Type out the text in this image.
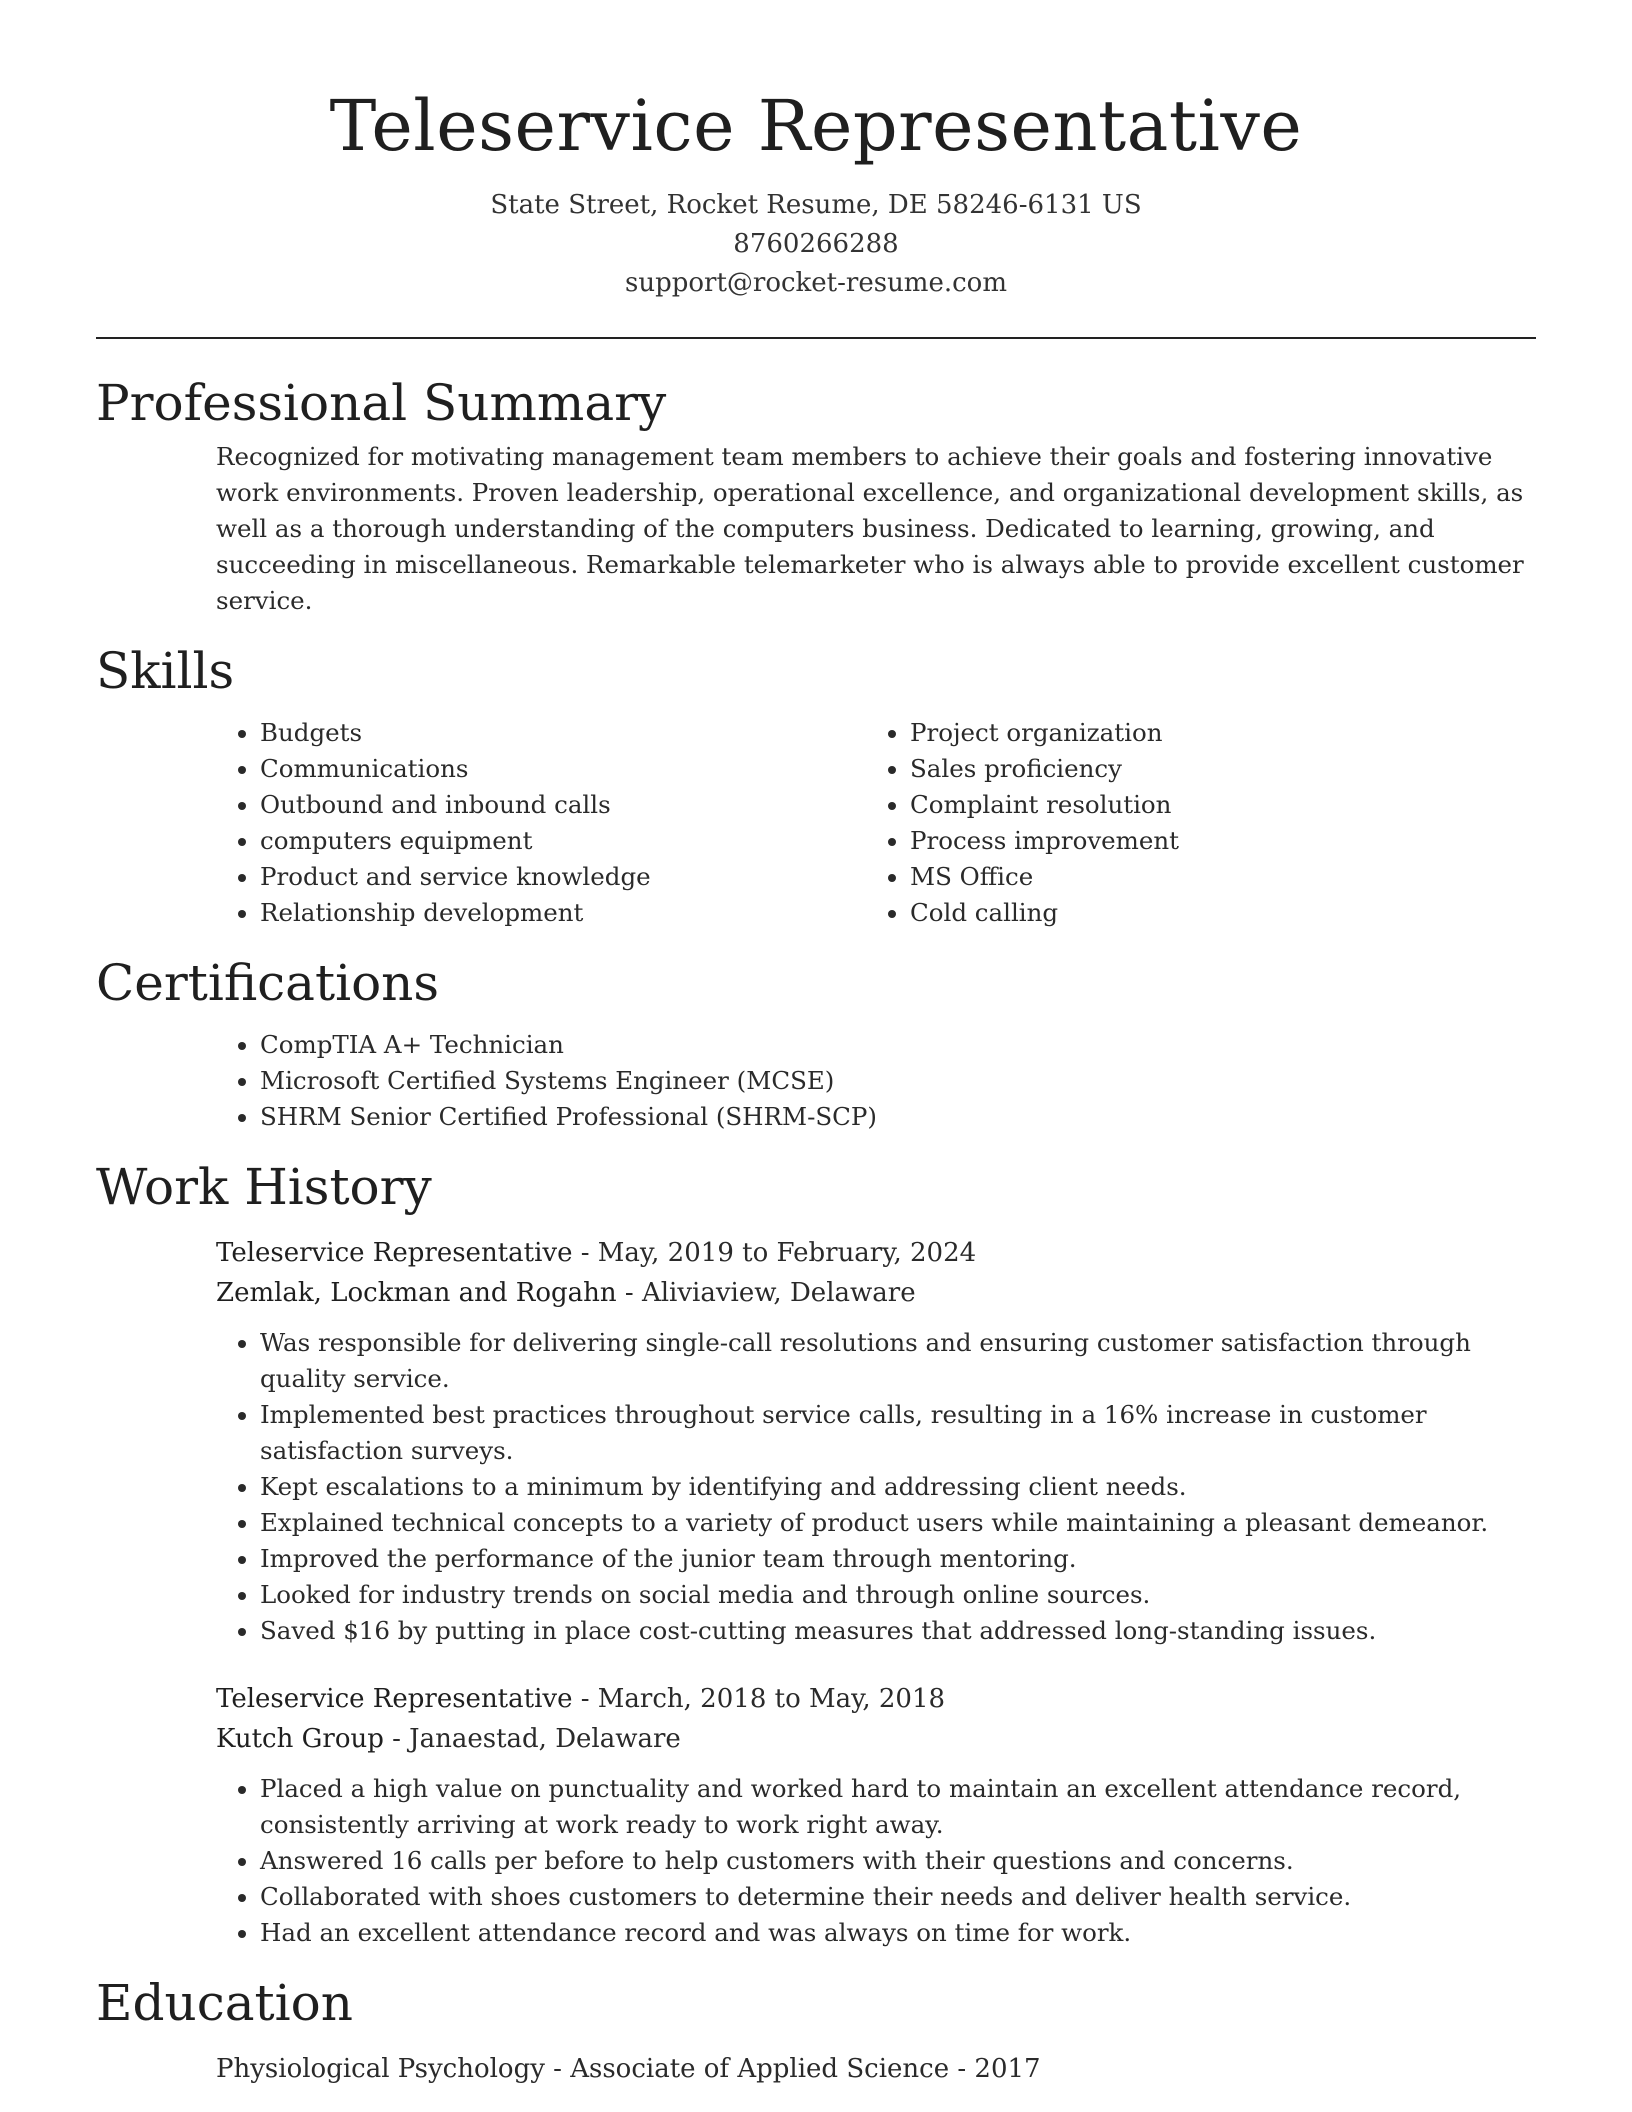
Teleservice Representative
State Street, Rocket Resume, DE 58246-6131 US
8760266288
support@rocket-resume.com
Professional Summary
Recognized for motivating management team members to achieve their goals and fostering innovative work environments. Proven leadership, operational excellence, and organizational development skills, as well as a thorough understanding of the computers business. Dedicated to learning, growing, and succeeding in miscellaneous. Remarkable telemarketer who is always able to provide excellent customer service.
Skills
• Budgets
• Communications
• Outbound and inbound calls
• computers equipment
• Product and service knowledge
• Relationship development
• Project organization
• Sales proficiency
• Complaint resolution
• Process improvement
• MS Office
• Cold calling
Certifications
• CompTIA A+ Technician
• Microsoft Certified Systems Engineer (MCSE)
• SHRM Senior Certified Professional (SHRM-SCP)
Work History
Teleservice Representative - May, 2019 to February, 2024
Zemlak, Lockman and Rogahn - Aliviaview, Delaware
• Was responsible for delivering single-call resolutions and ensuring customer satisfaction through quality service.
• Implemented best practices throughout service calls, resulting in a 16% increase in customer satisfaction surveys.
• Kept escalations to a minimum by identifying and addressing client needs.
• Explained technical concepts to a variety of product users while maintaining a pleasant demeanor.
• Improved the performance of the junior team through mentoring.
• Looked for industry trends on social media and through online sources.
• Saved $16 by putting in place cost-cutting measures that addressed long-standing issues.
Teleservice Representative - March, 2018 to May, 2018
Kutch Group - Janaestad, Delaware
• Placed a high value on punctuality and worked hard to maintain an excellent attendance record, consistently arriving at work ready to work right away.
• Answered 16 calls per before to help customers with their questions and concerns.
• Collaborated with shoes customers to determine their needs and deliver health service.
• Had an excellent attendance record and was always on time for work.
Education
Physiological Psychology - Associate of Applied Science - 2017
